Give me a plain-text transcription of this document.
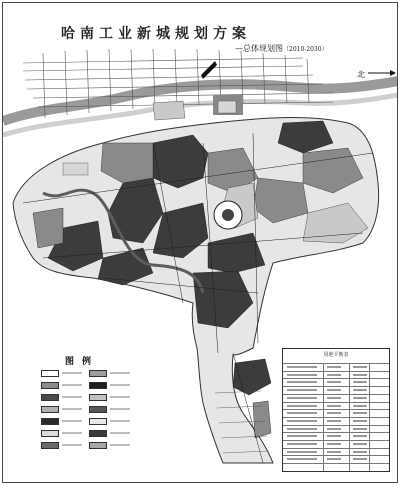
哈南工业新城规划方案
—总体规划图（2010-2030）
北
图例
用地平衡表
